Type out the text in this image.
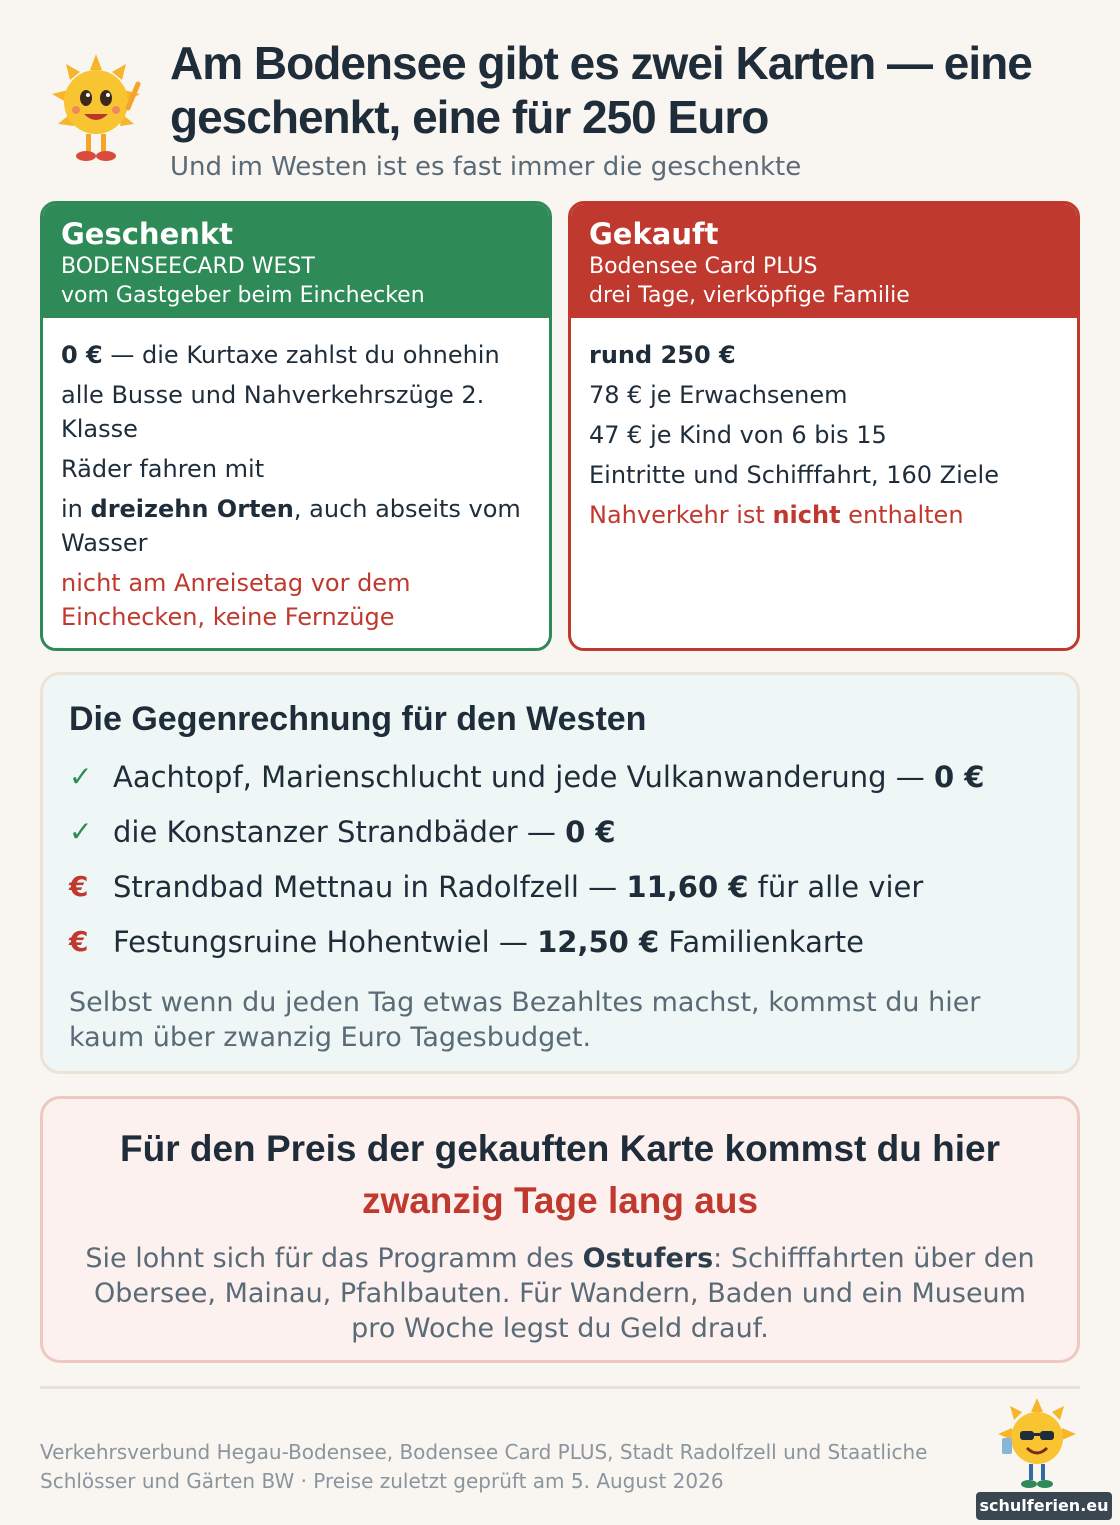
Am Bodensee gibt es zwei Karten — eine geschenkt, eine für 250 Euro
Und im Westen ist es fast immer die geschenkte
Geschenkt
BODENSEECARD WEST
vom Gastgeber beim Einchecken
0 € — die Kurtaxe zahlst du ohnehin
alle Busse und Nahverkehrszüge 2. Klasse
Räder fahren mit
in dreizehn Orten, auch abseits vom Wasser
nicht am Anreisetag vor dem Einchecken, keine Fernzüge
Gekauft
Bodensee Card PLUS
drei Tage, vierköpfige Familie
rund 250 €
78 € je Erwachsenem
47 € je Kind von 6 bis 15
Eintritte und Schifffahrt, 160 Ziele
Nahverkehr ist nicht enthalten
Die Gegenrechnung für den Westen
✓ Aachtopf, Marienschlucht und jede Vulkanwanderung — 0 €
✓ die Konstanzer Strandbäder — 0 €
€ Strandbad Mettnau in Radolfzell — 11,60 € für alle vier
€ Festungsruine Hohentwiel — 12,50 € Familienkarte
Selbst wenn du jeden Tag etwas Bezahltes machst, kommst du hier kaum über zwanzig Euro Tagesbudget.
Für den Preis der gekauften Karte kommst du hier
zwanzig Tage lang aus
Sie lohnt sich für das Programm des Ostufers: Schifffahrten über den Obersee, Mainau, Pfahlbauten. Für Wandern, Baden und ein Museum pro Woche legst du Geld drauf.
Verkehrsverbund Hegau-Bodensee, Bodensee Card PLUS, Stadt Radolfzell und Staatliche Schlösser und Gärten BW · Preise zuletzt geprüft am 5. August 2026
schulferien.eu
